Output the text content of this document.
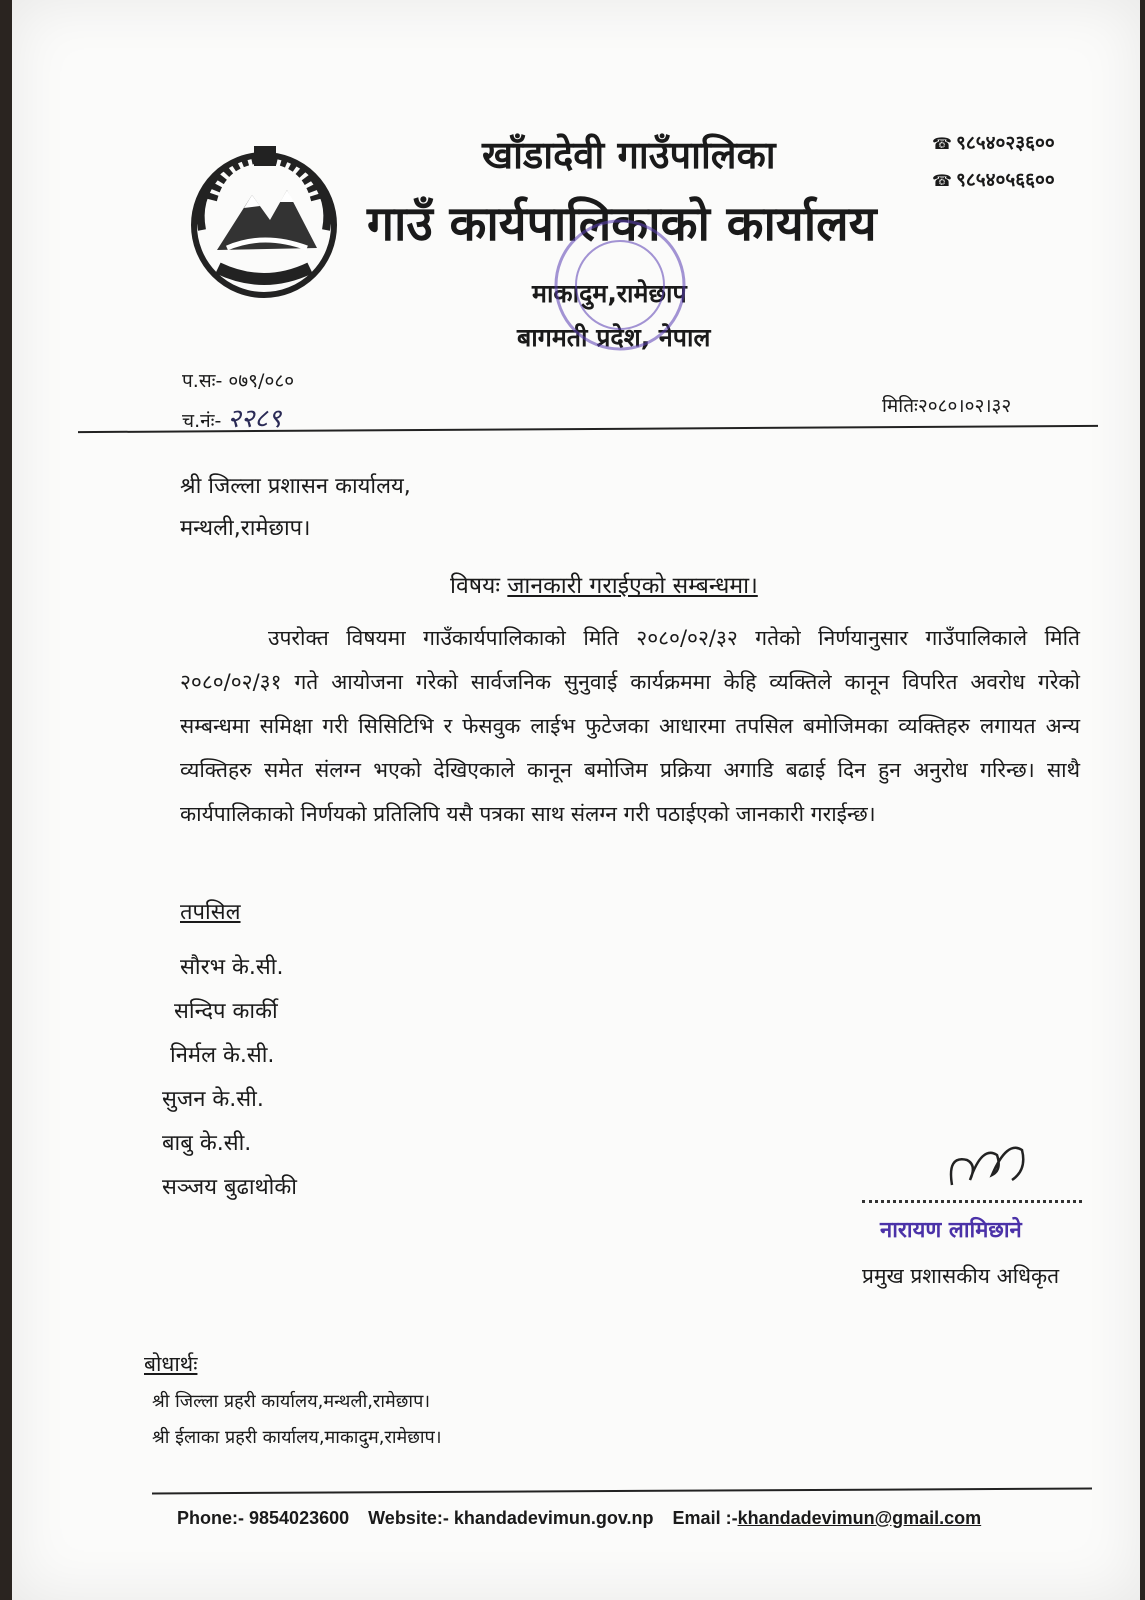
खाँडादेवी गाउँपालिका
गाउँ कार्यपालिकाको कार्यालय
माकादुम,रामेछाप
बागमती प्रदेश, नेपाल
☎ ९८५४०२३६००
☎ ९८५४०५६६००
प.सः- ०७९/०८०
च.नंः- २२८९	मितिः२०८०।०२।३२
श्री जिल्ला प्रशासन कार्यालय,
मन्थली,रामेछाप।
विषयः जानकारी गराईएको सम्बन्धमा।
उपरोक्त विषयमा गाउँकार्यपालिकाको मिति २०८०/०२/३२ गतेको निर्णयानुसार गाउँपालिकाले मिति २०८०/०२/३१ गते आयोजना गरेको सार्वजनिक सुनुवाई कार्यक्रममा केहि व्यक्तिले कानून विपरित अवरोध गरेको सम्बन्धमा समिक्षा गरी सिसिटिभि र फेसवुक लाईभ फुटेजका आधारमा तपसिल बमोजिमका व्यक्तिहरु लगायत अन्य व्यक्तिहरु समेत संलग्न भएको देखिएकाले कानून बमोजिम प्रक्रिया अगाडि बढाई दिन हुन अनुरोध गरिन्छ। साथै कार्यपालिकाको निर्णयको प्रतिलिपि यसै पत्रका साथ संलग्न गरी पठाईएको जानकारी गराईन्छ।
तपसिल
सौरभ के.सी.
सन्दिप कार्की
निर्मल के.सी.
सुजन के.सी.
बाबु के.सी.
सञ्जय बुढाथोकी
नारायण लामिछाने
प्रमुख प्रशासकीय अधिकृत
बोधार्थः
श्री जिल्ला प्रहरी कार्यालय,मन्थली,रामेछाप।
श्री ईलाका प्रहरी कार्यालय,माकादुम,रामेछाप।
Phone:- 9854023600 Website:- khandadevimun.gov.np Email :-khandadevimun@gmail.com
